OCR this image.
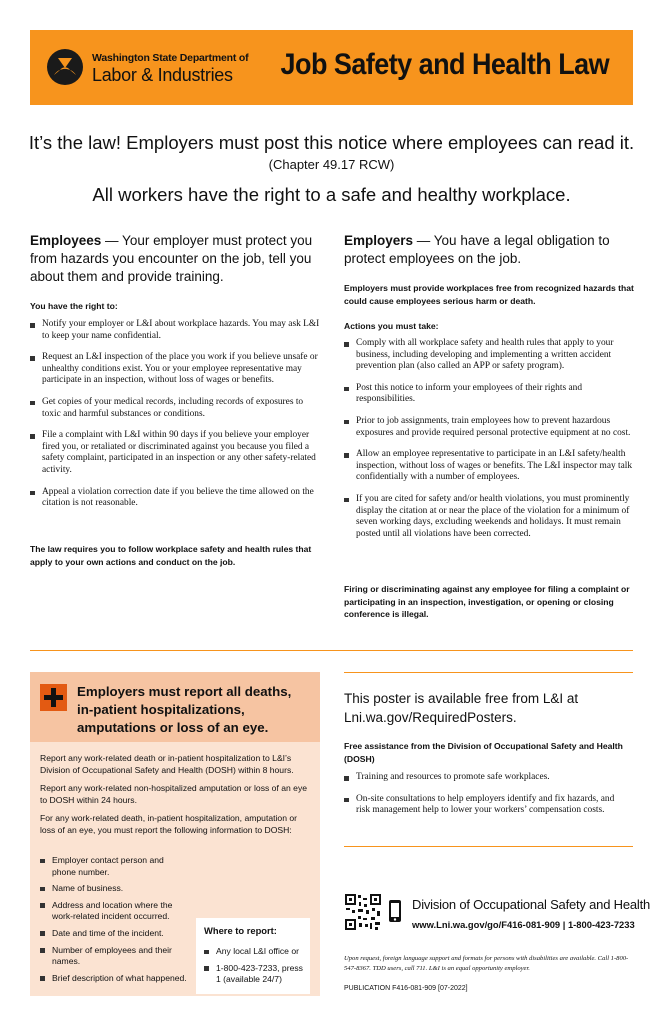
Washington State Department of
Labor & Industries Job Safety and Health Law
It’s the law! Employers must post this notice where employees can read it.
(Chapter 49.17 RCW)
All workers have the right to a safe and healthy workplace.
Employees — Your employer must protect you from hazards you encounter on the job, tell you about them and provide training.
You have the right to:
Notify your employer or L&I about workplace hazards. You may ask L&I to keep your name confidential.
Request an L&I inspection of the place you work if you believe unsafe or unhealthy conditions exist. You or your employee representative may participate in an inspection, without loss of wages or benefits.
Get copies of your medical records, including records of exposures to toxic and harmful substances or conditions.
File a complaint with L&I within 90 days if you believe your employer fired you, or retaliated or discriminated against you because you filed a safety complaint, participated in an inspection or any other safety-related activity.
Appeal a violation correction date if you believe the time allowed on the citation is not reasonable.
The law requires you to follow workplace safety and health rules that apply to your own actions and conduct on the job.
Employers — You have a legal obligation to protect employees on the job.
Employers must provide workplaces free from recognized hazards that could cause employees serious harm or death.
Actions you must take:
Comply with all workplace safety and health rules that apply to your business, including developing and implementing a written accident prevention plan (also called an APP or safety program).
Post this notice to inform your employees of their rights and responsibilities.
Prior to job assignments, train employees how to prevent hazardous exposures and provide required personal protective equipment at no cost.
Allow an employee representative to participate in an L&I safety/health inspection, without loss of wages or benefits. The L&I inspector may talk confidentially with a number of employees.
If you are cited for safety and/or health violations, you must prominently display the citation at or near the place of the violation for a minimum of seven working days, excluding weekends and holidays. It must remain posted until all violations have been corrected.
Firing or discriminating against any employee for filing a complaint or participating in an inspection, investigation, or opening or closing conference is illegal.
Employers must report all deaths, in-patient hospitalizations, amputations or loss of an eye.
Report any work-related death or in-patient hospitalization to L&I’s Division of Occupational Safety and Health (DOSH) within 8 hours.
Report any work-related non-hospitalized amputation or loss of an eye to DOSH within 24 hours.
For any work-related death, in-patient hospitalization, amputation or loss of an eye, you must report the following information to DOSH:
Employer contact person and phone number.
Name of business.
Address and location where the work-related incident occurred.
Date and time of the incident.
Number of employees and their names.
Brief description of what happened.
Where to report:
Any local L&I office or
1-800-423-7233, press 1 (available 24/7)
This poster is available free from L&I at Lni.wa.gov/RequiredPosters.
Free assistance from the Division of Occupational Safety and Health (DOSH)
Training and resources to promote safe workplaces.
On-site consultations to help employers identify and fix hazards, and risk management help to lower your workers’ compensation costs.
Division of Occupational Safety and Health
www.Lni.wa.gov/go/F416-081-909 | 1-800-423-7233
Upon request, foreign language support and formats for persons with disabilities are available. Call 1-800-547-8367. TDD users, call 711. L&I is an equal opportunity employer.
PUBLICATION F416-081-909 [07-2022]
